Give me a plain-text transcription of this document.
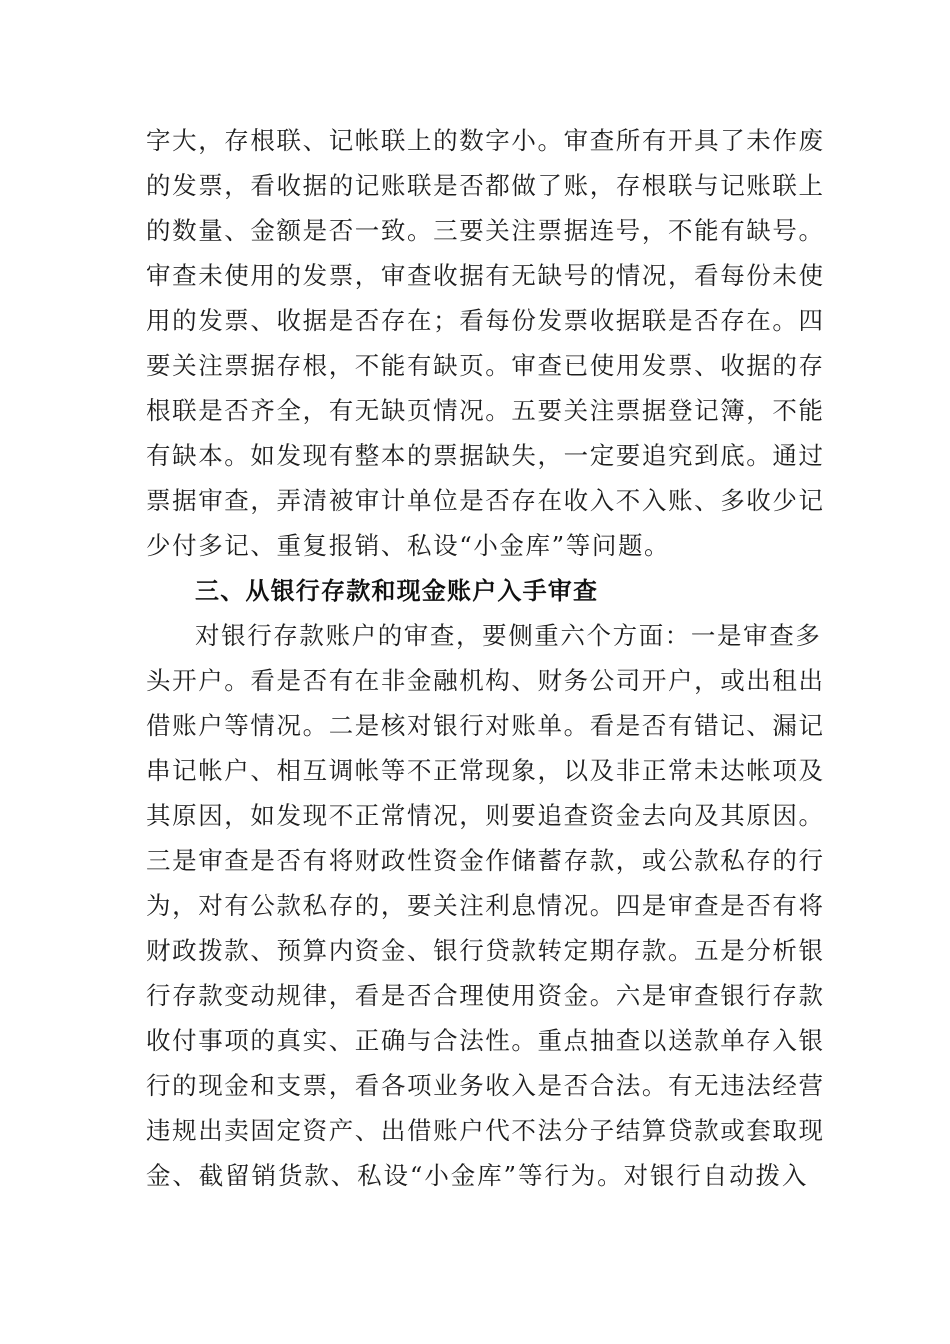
字大，存根联、记帐联上的数字小。审查所有开具了未作废
的发票，看收据的记账联是否都做了账，存根联与记账联上
的数量、金额是否一致。三要关注票据连号，不能有缺号。
审查未使用的发票，审查收据有无缺号的情况，看每份未使
用的发票、收据是否存在；看每份发票收据联是否存在。四
要关注票据存根，不能有缺页。审查已使用发票、收据的存
根联是否齐全，有无缺页情况。五要关注票据登记簿，不能
有缺本。如发现有整本的票据缺失，一定要追究到底。通过
票据审查，弄清被审计单位是否存在收入不入账、多收少记
少付多记、重复报销、私设“小金库”等问题。
三、从银行存款和现金账户入手审查
对银行存款账户的审查，要侧重六个方面：一是审查多
头开户。看是否有在非金融机构、财务公司开户，或出租出
借账户等情况。二是核对银行对账单。看是否有错记、漏记
串记帐户、相互调帐等不正常现象，以及非正常未达帐项及
其原因，如发现不正常情况，则要追查资金去向及其原因。
三是审查是否有将财政性资金作储蓄存款，或公款私存的行
为，对有公款私存的，要关注利息情况。四是审查是否有将
财政拨款、预算内资金、银行贷款转定期存款。五是分析银
行存款变动规律，看是否合理使用资金。六是审查银行存款
收付事项的真实、正确与合法性。重点抽查以送款单存入银
行的现金和支票，看各项业务收入是否合法。有无违法经营
违规出卖固定资产、出借账户代不法分子结算贷款或套取现
金、截留销货款、私设“小金库”等行为。对银行自动拨入
